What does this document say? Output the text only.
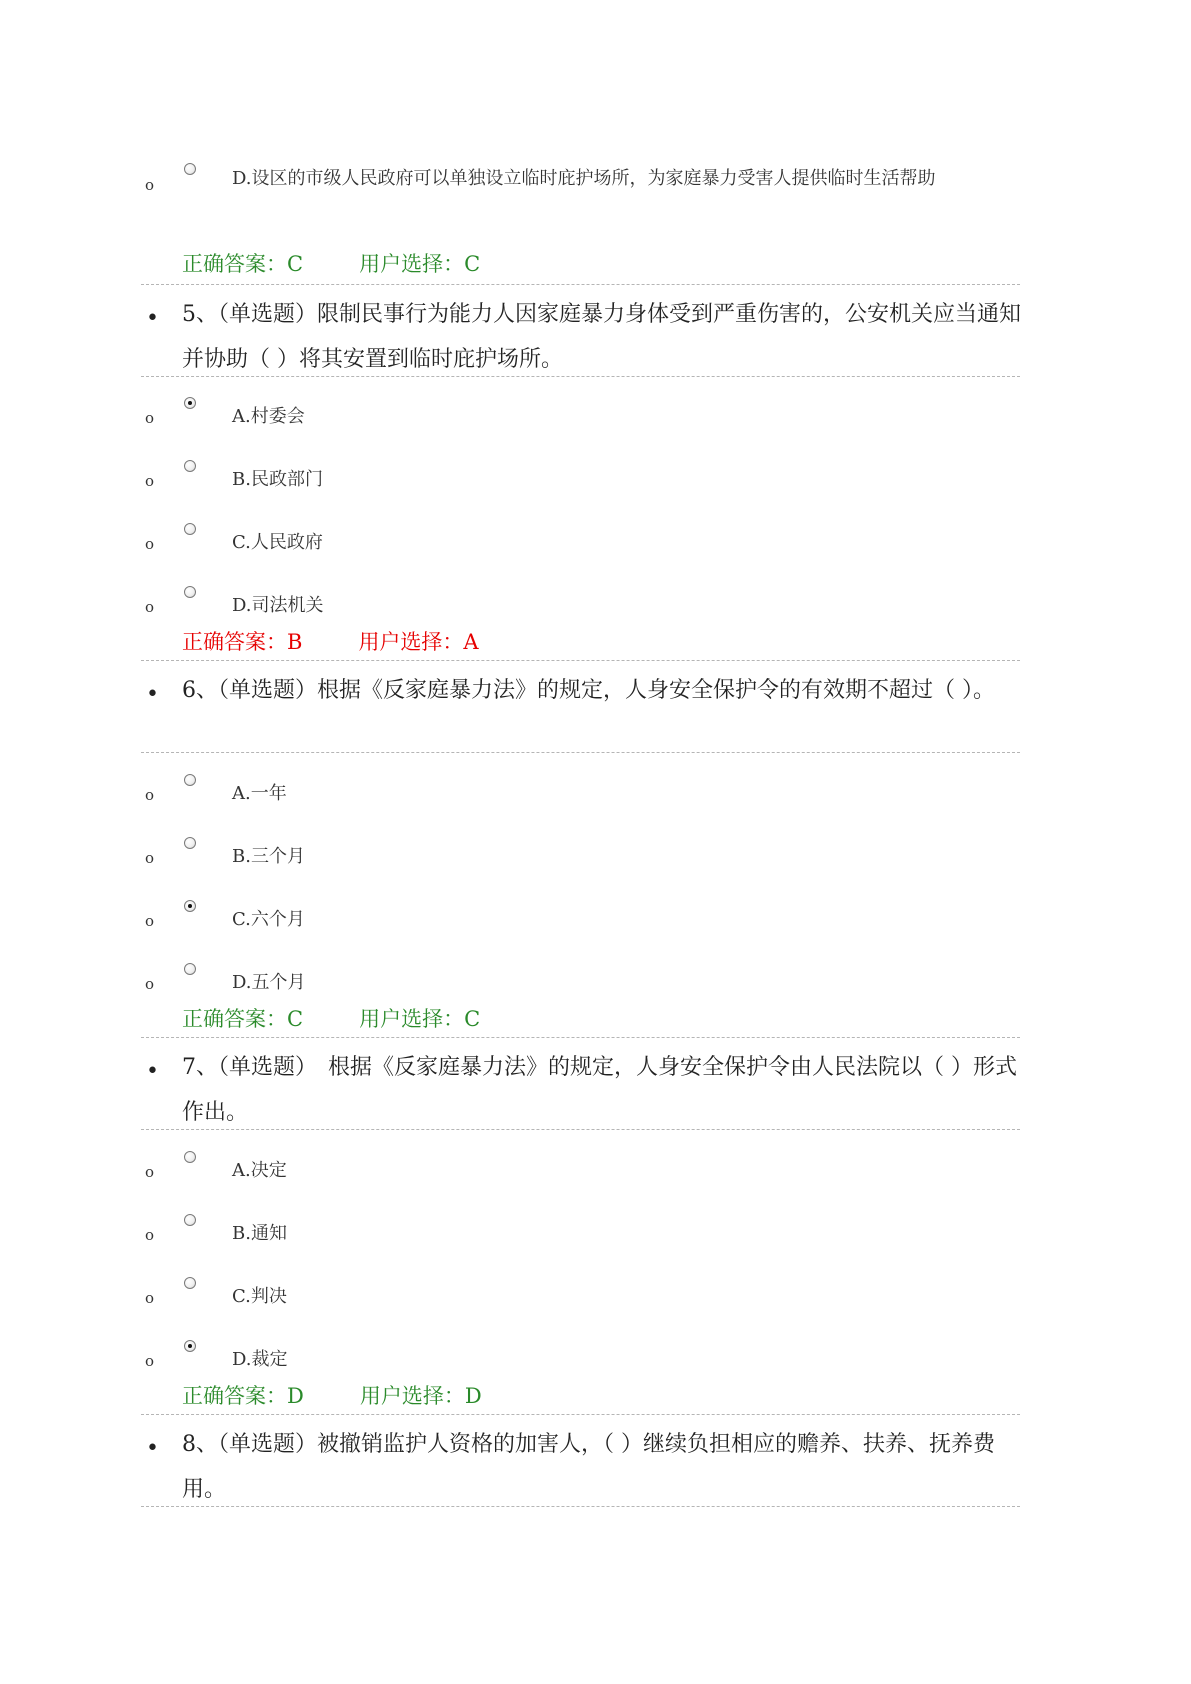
o	D.设区的市级人民政府可以单独设立临时庇护场所，为家庭暴力受害人提供临时生活帮助
正确答案：C	用户选择：C
• 5、（单选题）限制民事行为能力人因家庭暴力身体受到严重伤害的，公安机关应当通知并协助（ ）将其安置到临时庇护场所。
o	A.村委会
o	B.民政部门
o	C.人民政府
o	D.司法机关
正确答案：B	用户选择：A
• 6、（单选题）根据《反家庭暴力法》的规定，人身安全保护令的有效期不超过（ ）。
o	A.一年
o	B.三个月
o	C.六个月
o	D.五个月
正确答案：C	用户选择：C
• 7、（单选题）　根据《反家庭暴力法》的规定，人身安全保护令由人民法院以（ ）形式作出。
o	A.决定
o	B.通知
o	C.判决
o	D.裁定
正确答案：D	用户选择：D
• 8、（单选题）被撤销监护人资格的加害人，（ ）继续负担相应的赡养、扶养、抚养费用。
